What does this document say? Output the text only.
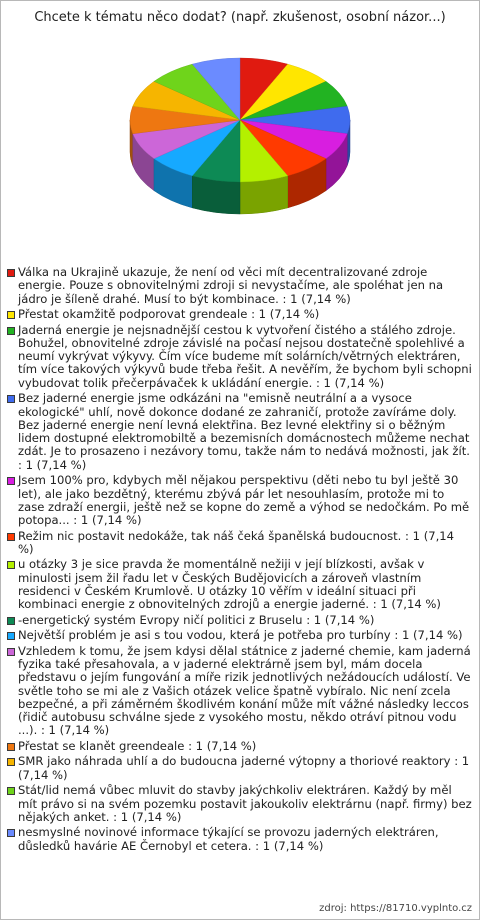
Chcete k tématu něco dodat? (např. zkušenost, osobní názor...)
Válka na Ukrajině ukazuje, že není od věci mít decentralizované zdroje energie. Pouze s obnovitelnými zdroji si nevystačíme, ale spoléhat jen na jádro je šíleně drahé. Musí to být kombinace. : 1 (7,14 %)
Přestat okamžitě podporovat grendeale : 1 (7,14 %)
Jaderná energie je nejsnadnější cestou k vytvoření čistého a stálého zdroje. Bohužel, obnovitelné zdroje závislé na počasí nejsou dostatečně spolehlivé a neumí vykrývat výkyvy. Čím více budeme mít solárních/větrných elektráren, tím více takových výkyvů bude třeba řešit. A nevěřím, že bychom byli schopni vybudovat tolik přečerpávaček k ukládání energie. : 1 (7,14 %)
Bez jaderné energie jsme odkázáni na "emisně neutrální a a vysoce ekologické" uhlí, nově dokonce dodané ze zahraničí, protože zavíráme doly. Bez jaderné energie není levná elektřina. Bez levné elektřiny si o běžným lidem dostupné elektromobiltě a bezemisních domácnostech můžeme nechat zdát. Je to prosazeno i nezávory tomu, takže nám to nedává možnosti, jak žít. : 1 (7,14 %)
Jsem 100% pro, kdybych měl nějakou perspektivu (děti nebo tu byl ještě 30 let), ale jako bezdětný, kterému zbývá pár let nesouhlasím, protože mi to zase zdraží energii, ještě než se kopne do země a výhod se nedočkám. Po mě potopa... : 1 (7,14 %)
Režim nic postavit nedokáže, tak náš čeká španělská budoucnost. : 1 (7,14 %)
u otázky 3 je sice pravda že momentálně nežiji v její blízkosti, avšak v minulosti jsem žil řadu let v Českých Budějovicích a zároveň vlastním residenci v Českém Krumlově. U otázky 10 věřím v ideální situaci při kombinaci energie z obnovitelných zdrojů a energie jaderné. : 1 (7,14 %)
-energetický systém Evropy ničí politici z Bruselu : 1 (7,14 %)
Největší problém je asi s tou vodou, která je potřeba pro turbíny : 1 (7,14 %)
Vzhledem k tomu, že jsem kdysi dělal státnice z jaderné chemie, kam jaderná fyzika také přesahovala, a v jaderné elektrárně jsem byl, mám docela představu o jejím fungování a míře rizik jednotlivých nežádoucích událostí. Ve světle toho se mi ale z Vašich otázek velice špatně vybíralo. Nic není zcela bezpečné, a při záměrném škodlivém konání může mít vážné následky leccos (řidič autobusu schválne sjede z vysokého mostu, někdo otráví pitnou vodu ...). : 1 (7,14 %)
Přestat se klanět greendeale : 1 (7,14 %)
SMR jako náhrada uhlí a do budoucna jaderné výtopny a thoriové reaktory : 1 (7,14 %)
Stát/lid nemá vůbec mluvit do stavby jakýchkoliv elektráren. Každý by měl mít právo si na svém pozemku postavit jakoukoliv elektrárnu (např. firmy) bez nějakých anket. : 1 (7,14 %)
nesmyslné novinové informace týkající se provozu jaderných elektráren, důsledků havárie AE Černobyl et cetera. : 1 (7,14 %)
zdroj: https://81710.vyplnto.cz
